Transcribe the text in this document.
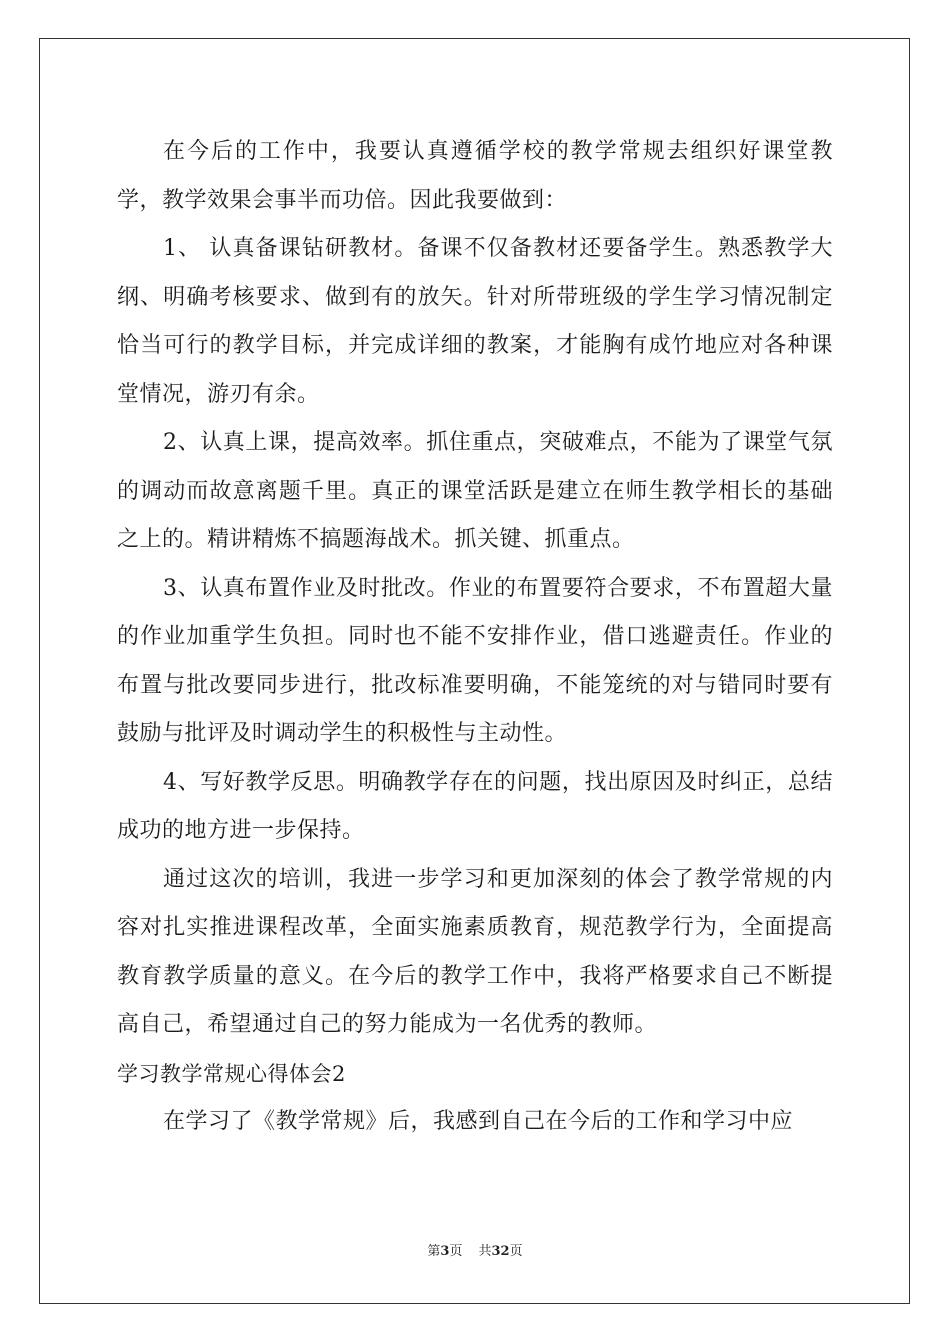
在今后的工作中，我要认真遵循学校的教学常规去组织好课堂教学，教学效果会事半而功倍。因此我要做到：

1、 认真备课钻研教材。备课不仅备教材还要备学生。熟悉教学大纲、明确考核要求、做到有的放矢。针对所带班级的学生学习情况制定恰当可行的教学目标，并完成详细的教案，才能胸有成竹地应对各种课堂情况，游刃有余。

2、认真上课，提高效率。抓住重点，突破难点，不能为了课堂气氛的调动而故意离题千里。真正的课堂活跃是建立在师生教学相长的基础之上的。精讲精炼不搞题海战术。抓关键、抓重点。

3、认真布置作业及时批改。作业的布置要符合要求，不布置超大量的作业加重学生负担。同时也不能不安排作业，借口逃避责任。作业的布置与批改要同步进行，批改标准要明确，不能笼统的对与错同时要有鼓励与批评及时调动学生的积极性与主动性。

4、写好教学反思。明确教学存在的问题，找出原因及时纠正，总结成功的地方进一步保持。

通过这次的培训，我进一步学习和更加深刻的体会了教学常规的内容对扎实推进课程改革，全面实施素质教育，规范教学行为，全面提高教育教学质量的意义。在今后的教学工作中，我将严格要求自己不断提高自己，希望通过自己的努力能成为一名优秀的教师。

学习教学常规心得体会2

在学习了《教学常规》后，我感到自己在今后的工作和学习中应

第3页 共32页
